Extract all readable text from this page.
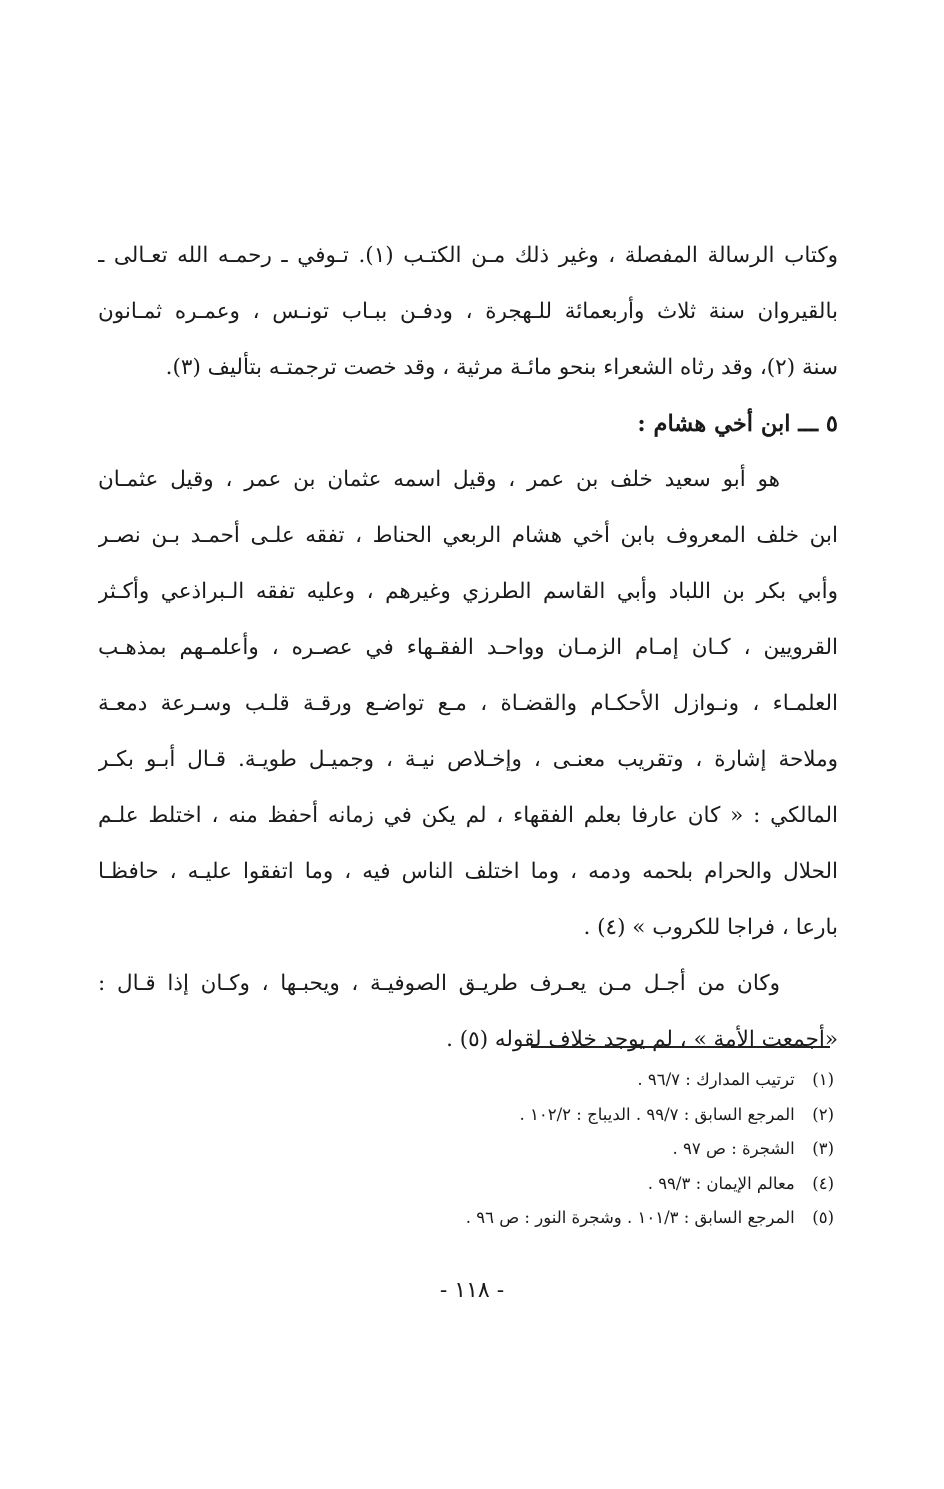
وكتاب الرسالة المفصلة ، وغير ذلك مـن الكتـب (١). تـوفي ـ رحمـه الله تعـالى ـ
بالقيروان سنة ثلاث وأربعمائة للـهجرة ، ودفـن ببـاب تونـس ، وعمـره ثمـانون
سنة (٢)، وقد رثاه الشعراء بنحو مائـة مرثية ، وقد خصت ترجمتـه بتأليف (٣).
٥ ـــ ابن أخي هشام :
هو أبو سعيد خلف بن عمر ، وقيل اسمه عثمان بن عمر ، وقيل عثمـان
ابن خلف المعروف بابن أخي هشام الربعي الحناط ، تفقه علـى أحمـد بـن نصـر
وأبي بكر بن اللباد وأبي القاسم الطرزي وغيرهم ، وعليه تفقه الـبراذعي وأكـثر
القرويين ، كـان إمـام الزمـان وواحـد الفقـهاء في عصـره ، وأعلمـهم بمذهـب
العلمـاء ، ونـوازل الأحكـام والقضـاة ، مـع تواضـع ورقـة قلـب وسـرعة دمعـة
وملاحة إشارة ، وتقريب معنـى ، وإخـلاص نيـة ، وجميـل طويـة. قـال أبـو بكـر
المالكي : « كان عارفا بعلم الفقهاء ، لم يكن في زمانه أحفظ منه ، اختلط علـم
الحلال والحرام بلحمه ودمه ، وما اختلف الناس فيه ، وما اتفقوا عليـه ، حافظـا
بارعا ، فراجا للكروب » (٤) .
وكان من أجـل مـن يعـرف طريـق الصوفيـة ، ويحبـها ، وكـان إذا قـال :
«أجمعت الأمة » ، لم يوجد خلاف لقوله (٥) .
(١) ترتيب المدارك : ٩٦/٧ .
(٢) المرجع السابق : ٩٩/٧ . الديباج : ١٠٢/٢ .
(٣) الشجرة : ص ٩٧ .
(٤) معالم الإيمان : ٩٩/٣ .
(٥) المرجع السابق : ١٠١/٣ . وشجرة النور : ص ٩٦ .
- ١١٨ -
